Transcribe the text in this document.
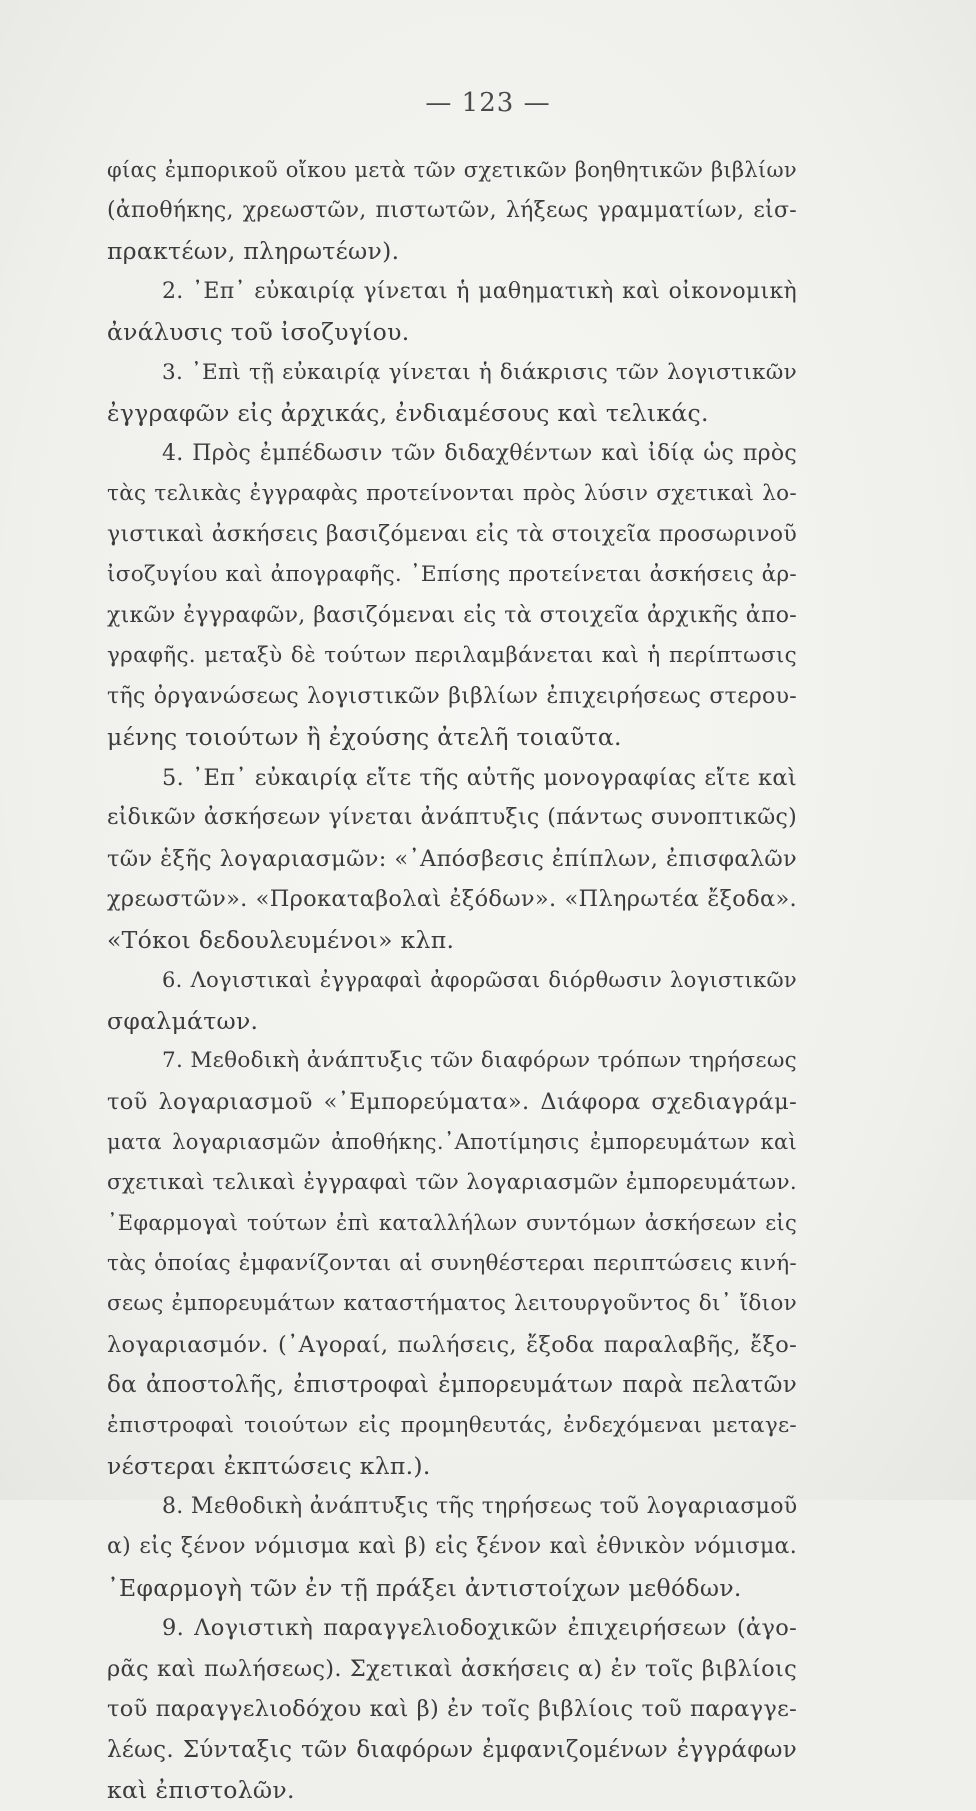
— 123 —
φίας ἐμπορικοῦ οἴκου μετὰ τῶν σχετικῶν βοηθητικῶν βιβλίων
(ἀποθήκης, χρεωστῶν, πιστωτῶν, λήξεως γραμματίων, εἰσ-
πρακτέων, πληρωτέων).
2. ᾿Επ᾿ εὐκαιρίᾳ γίνεται ἡ μαθηματικὴ καὶ οἰκονομικὴ
ἀνάλυσις τοῦ ἰσοζυγίου.
3. ᾿Επὶ τῇ εὐκαιρίᾳ γίνεται ἡ διάκρισις τῶν λογιστικῶν
ἐγγραφῶν εἰς ἀρχικάς, ἐνδιαμέσους καὶ τελικάς.
4. Πρὸς ἐμπέδωσιν τῶν διδαχθέντων καὶ ἰδίᾳ ὡς πρὸς
τὰς τελικὰς ἐγγραφὰς προτείνονται πρὸς λύσιν σχετικαὶ λο-
γιστικαὶ ἀσκήσεις βασιζόμεναι εἰς τὰ στοιχεῖα προσωρινοῦ
ἰσοζυγίου καὶ ἀπογραφῆς. ᾿Επίσης προτείνεται ἀσκήσεις ἀρ-
χικῶν ἐγγραφῶν, βασιζόμεναι εἰς τὰ στοιχεῖα ἀρχικῆς ἀπο-
γραφῆς. μεταξὺ δὲ τούτων περιλαμβάνεται καὶ ἡ περίπτωσις
τῆς ὀργανώσεως λογιστικῶν βιβλίων ἐπιχειρήσεως στερου-
μένης τοιούτων ἢ ἐχούσης ἀτελῆ τοιαῦτα.
5. ᾿Επ᾿ εὐκαιρίᾳ εἴτε τῆς αὐτῆς μονογραφίας εἴτε καὶ
εἰδικῶν ἀσκήσεων γίνεται ἀνάπτυξις (πάντως συνοπτικῶς)
τῶν ἑξῆς λογαριασμῶν: «᾿Απόσβεσις ἐπίπλων, ἐπισφαλῶν
χρεωστῶν». «Προκαταβολαὶ ἐξόδων». «Πληρωτέα ἔξοδα».
«Τόκοι δεδουλευμένοι» κλπ.
6. Λογιστικαὶ ἐγγραφαὶ ἀφορῶσαι διόρθωσιν λογιστικῶν
σφαλμάτων.
7. Μεθοδικὴ ἀνάπτυξις τῶν διαφόρων τρόπων τηρήσεως
τοῦ λογαριασμοῦ «᾿Εμπορεύματα». Διάφορα σχεδιαγράμ-
ματα λογαριασμῶν ἀποθήκης.᾿Αποτίμησις ἐμπορευμάτων καὶ
σχετικαὶ τελικαὶ ἐγγραφαὶ τῶν λογαριασμῶν ἐμπορευμάτων.
᾿Εφαρμογαὶ τούτων ἐπὶ καταλλήλων συντόμων ἀσκήσεων εἰς
τὰς ὁποίας ἐμφανίζονται αἱ συνηθέστεραι περιπτώσεις κινή-
σεως ἐμπορευμάτων καταστήματος λειτουργοῦντος δι᾿ ἴδιον
λογαριασμόν. (᾿Αγοραί, πωλήσεις, ἔξοδα παραλαβῆς, ἔξο-
δα ἀποστολῆς, ἐπιστροφαὶ ἐμπορευμάτων παρὰ πελατῶν
ἐπιστροφαὶ τοιούτων εἰς προμηθευτάς, ἐνδεχόμεναι μεταγε-
νέστεραι ἐκπτώσεις κλπ.).
8. Μεθοδικὴ ἀνάπτυξις τῆς τηρήσεως τοῦ λογαριασμοῦ
α) εἰς ξένον νόμισμα καὶ β) εἰς ξένον καὶ ἐθνικὸν νόμισμα.
᾿Εφαρμογὴ τῶν ἐν τῇ πράξει ἀντιστοίχων μεθόδων.
9. Λογιστικὴ παραγγελιοδοχικῶν ἐπιχειρήσεων (ἀγο-
ρᾶς καὶ πωλήσεως). Σχετικαὶ ἀσκήσεις α) ἐν τοῖς βιβλίοις
τοῦ παραγγελιοδόχου καὶ β) ἐν τοῖς βιβλίοις τοῦ παραγγε-
λέως. Σύνταξις τῶν διαφόρων ἐμφανιζομένων ἐγγράφων
καὶ ἐπιστολῶν.
